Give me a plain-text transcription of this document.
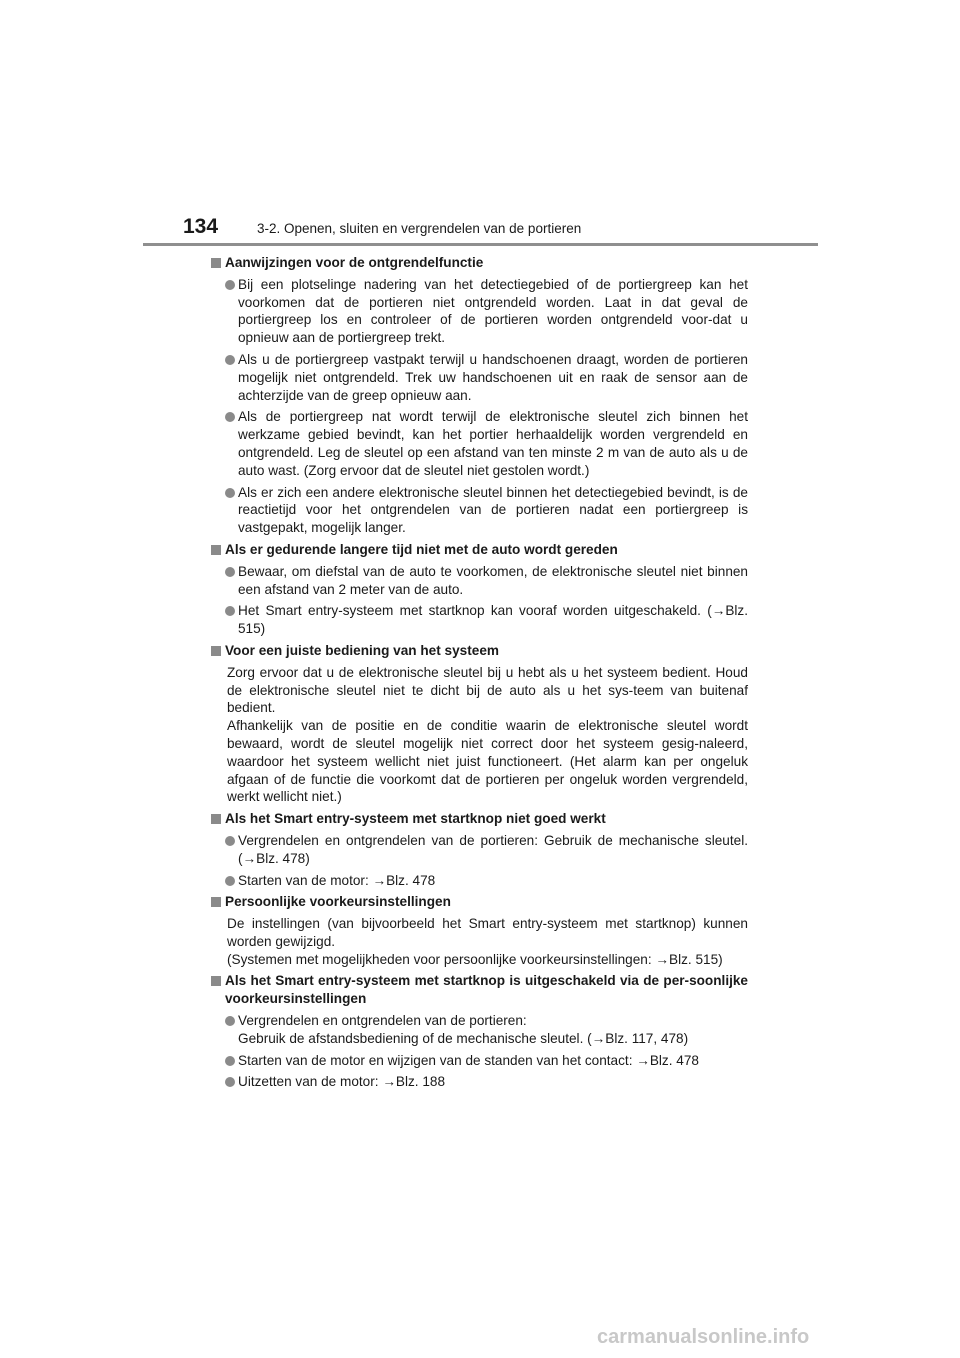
134	3-2. Openen, sluiten en vergrendelen van de portieren
Aanwijzingen voor de ontgrendelfunctie
Bij een plotselinge nadering van het detectiegebied of de portiergreep kan het voorkomen dat de portieren niet ontgrendeld worden. Laat in dat geval de portiergreep los en controleer of de portieren worden ontgrendeld voor-dat u opnieuw aan de portiergreep trekt.
Als u de portiergreep vastpakt terwijl u handschoenen draagt, worden de portieren mogelijk niet ontgrendeld. Trek uw handschoenen uit en raak de sensor aan de achterzijde van de greep opnieuw aan.
Als de portiergreep nat wordt terwijl de elektronische sleutel zich binnen het werkzame gebied bevindt, kan het portier herhaaldelijk worden vergrendeld en ontgrendeld. Leg de sleutel op een afstand van ten minste 2 m van de auto als u de auto wast. (Zorg ervoor dat de sleutel niet gestolen wordt.)
Als er zich een andere elektronische sleutel binnen het detectiegebied bevindt, is de reactietijd voor het ontgrendelen van de portieren nadat een portiergreep is vastgepakt, mogelijk langer.
Als er gedurende langere tijd niet met de auto wordt gereden
Bewaar, om diefstal van de auto te voorkomen, de elektronische sleutel niet binnen een afstand van 2 meter van de auto.
Het Smart entry-systeem met startknop kan vooraf worden uitgeschakeld. (→Blz. 515)
Voor een juiste bediening van het systeem
Zorg ervoor dat u de elektronische sleutel bij u hebt als u het systeem bedient. Houd de elektronische sleutel niet te dicht bij de auto als u het sys-teem van buitenaf bedient.
Afhankelijk van de positie en de conditie waarin de elektronische sleutel wordt bewaard, wordt de sleutel mogelijk niet correct door het systeem gesig-naleerd, waardoor het systeem wellicht niet juist functioneert. (Het alarm kan per ongeluk afgaan of de functie die voorkomt dat de portieren per ongeluk worden vergrendeld, werkt wellicht niet.)
Als het Smart entry-systeem met startknop niet goed werkt
Vergrendelen en ontgrendelen van de portieren: Gebruik de mechanische sleutel. (→Blz. 478)
Starten van de motor: →Blz. 478
Persoonlijke voorkeursinstellingen
De instellingen (van bijvoorbeeld het Smart entry-systeem met startknop) kunnen worden gewijzigd.
(Systemen met mogelijkheden voor persoonlijke voorkeursinstellingen: →Blz. 515)
Als het Smart entry-systeem met startknop is uitgeschakeld via de per-soonlijke voorkeursinstellingen
Vergrendelen en ontgrendelen van de portieren:
Gebruik de afstandsbediening of de mechanische sleutel. (→Blz. 117, 478)
Starten van de motor en wijzigen van de standen van het contact: →Blz. 478
Uitzetten van de motor: →Blz. 188
carmanualsonline.info
